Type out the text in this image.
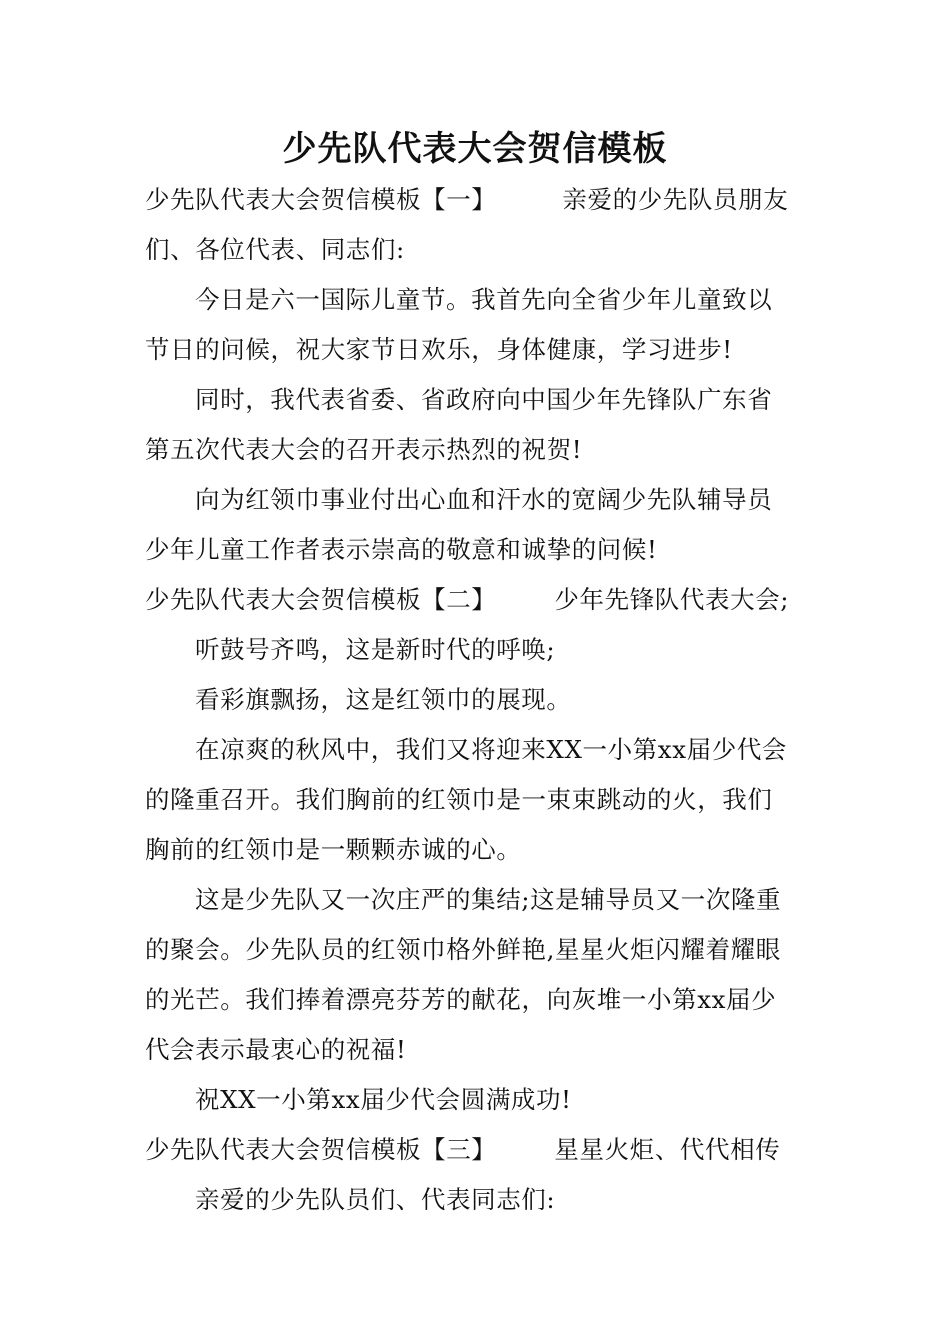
少先队代表大会贺信模板
少先队代表大会贺信模板【一】	亲爱的少先队员朋友
们、各位代表、同志们:
今日是六一国际儿童节。我首先向全省少年儿童致以
节日的问候，祝大家节日欢乐，身体健康，学习进步!
同时，我代表省委、省政府向中国少年先锋队广东省
第五次代表大会的召开表示热烈的祝贺!
向为红领巾事业付出心血和汗水的宽阔少先队辅导员
少年儿童工作者表示崇高的敬意和诚挚的问候!
少先队代表大会贺信模板【二】 少年先锋队代表大会;
听鼓号齐鸣，这是新时代的呼唤;
看彩旗飘扬，这是红领巾的展现。
在凉爽的秋风中，我们又将迎来XX一小第xx届少代会
的隆重召开。我们胸前的红领巾是一束束跳动的火，我们
胸前的红领巾是一颗颗赤诚的心。
这是少先队又一次庄严的集结;这是辅导员又一次隆重
的聚会。少先队员的红领巾格外鲜艳,星星火炬闪耀着耀眼
的光芒。我们捧着漂亮芬芳的献花，向灰堆一小第xx届少
代会表示最衷心的祝福!
祝XX一小第xx届少代会圆满成功!
少先队代表大会贺信模板【三】 星星火炬、代代相传
亲爱的少先队员们、代表同志们:
